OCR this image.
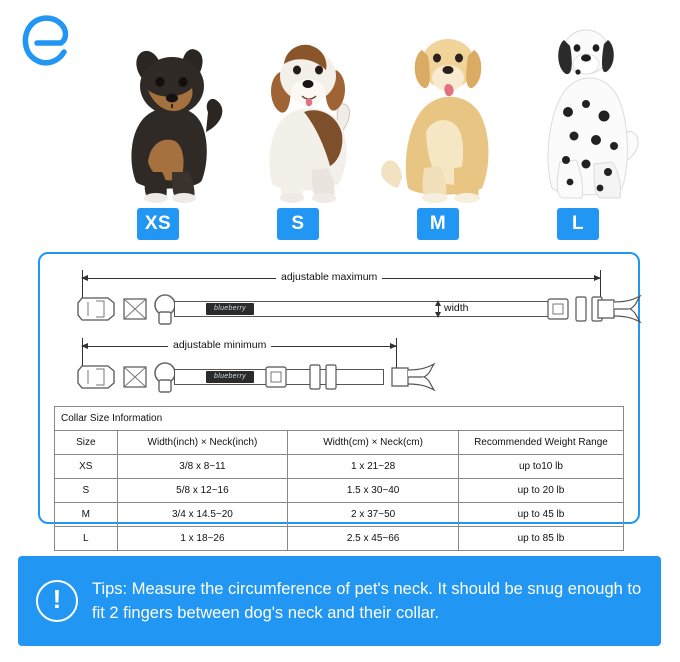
XS	S	M	L
adjustable maximum
blueberry	width
adjustable minimum
blueberry
Collar Size Information			
Size	Width(inch) × Neck(inch)	Width(cm) × Neck(cm)	Recommended Weight Range
XS	3/8 x 8~11	1 x 21~28	up to10 lb
S	5/8 x 12~16	1.5 x 30~40	up to 20 lb
M	3/4 x 14.5~20	2 x 37~50	up to 45 lb
L	1 x 18~26	2.5 x 45~66	up to 85 lb
!	Tips: Measure the circumference of pet's neck. It should be snug enough to fit 2 fingers between dog's neck and their collar.
